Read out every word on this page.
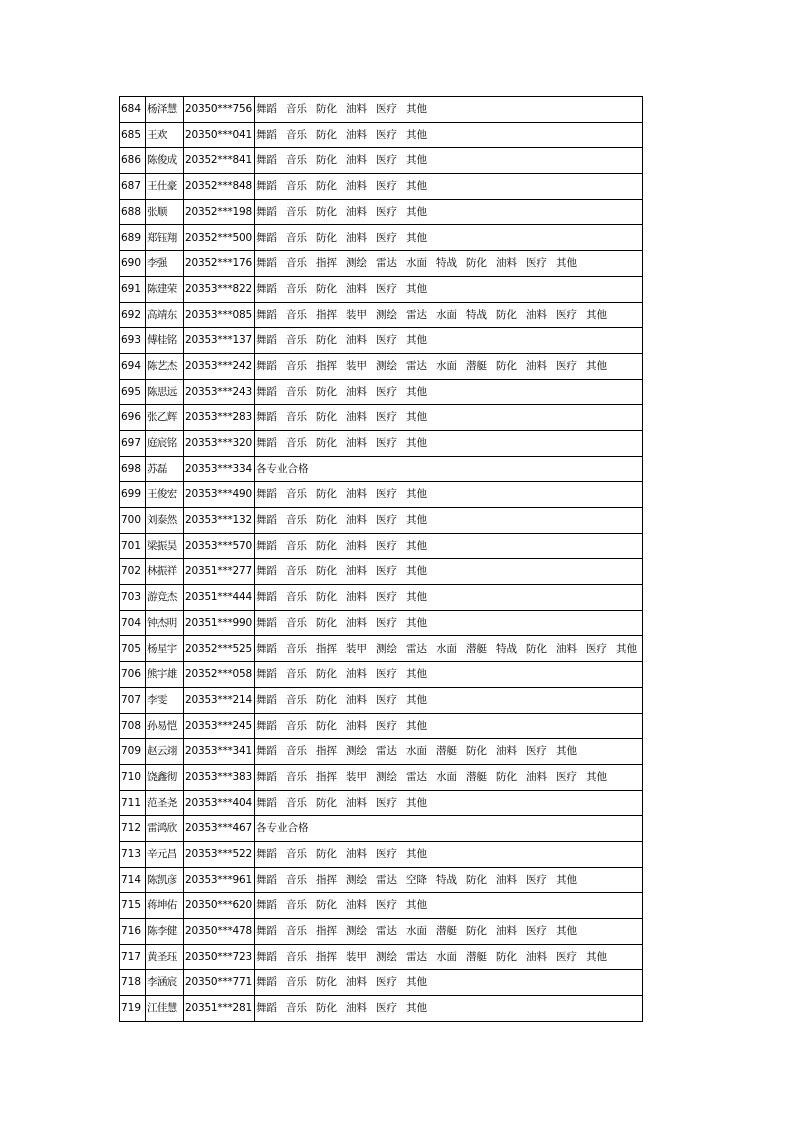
684	杨泽慧	20350***756	舞蹈 音乐 防化 油料 医疗 其他
685	王欢	20350***041	舞蹈 音乐 防化 油料 医疗 其他
686	陈俊成	20352***841	舞蹈 音乐 防化 油料 医疗 其他
687	王仕豪	20352***848	舞蹈 音乐 防化 油料 医疗 其他
688	张顺	20352***198	舞蹈 音乐 防化 油料 医疗 其他
689	郑钰翔	20352***500	舞蹈 音乐 防化 油料 医疗 其他
690	李强	20352***176	舞蹈 音乐 指挥 测绘 雷达 水面 特战 防化 油料 医疗 其他
691	陈建荣	20353***822	舞蹈 音乐 防化 油料 医疗 其他
692	高靖东	20353***085	舞蹈 音乐 指挥 装甲 测绘 雷达 水面 特战 防化 油料 医疗 其他
693	傅桂铭	20353***137	舞蹈 音乐 防化 油料 医疗 其他
694	陈艺杰	20353***242	舞蹈 音乐 指挥 装甲 测绘 雷达 水面 潜艇 防化 油料 医疗 其他
695	陈思远	20353***243	舞蹈 音乐 防化 油料 医疗 其他
696	张乙辉	20353***283	舞蹈 音乐 防化 油料 医疗 其他
697	庭宸铭	20353***320	舞蹈 音乐 防化 油料 医疗 其他
698	苏磊	20353***334	各专业合格
699	王俊宏	20353***490	舞蹈 音乐 防化 油料 医疗 其他
700	刘泰然	20353***132	舞蹈 音乐 防化 油料 医疗 其他
701	梁振昊	20353***570	舞蹈 音乐 防化 油料 医疗 其他
702	林振祥	20351***277	舞蹈 音乐 防化 油料 医疗 其他
703	游竞杰	20351***444	舞蹈 音乐 防化 油料 医疗 其他
704	钟杰明	20351***990	舞蹈 音乐 防化 油料 医疗 其他
705	杨星宇	20352***525	舞蹈 音乐 指挥 装甲 测绘 雷达 水面 潜艇 特战 防化 油料 医疗 其他
706	熊宇雄	20352***058	舞蹈 音乐 防化 油料 医疗 其他
707	李雯	20353***214	舞蹈 音乐 防化 油料 医疗 其他
708	孙易恺	20353***245	舞蹈 音乐 防化 油料 医疗 其他
709	赵云翊	20353***341	舞蹈 音乐 指挥 测绘 雷达 水面 潜艇 防化 油料 医疗 其他
710	饶鑫彻	20353***383	舞蹈 音乐 指挥 装甲 测绘 雷达 水面 潜艇 防化 油料 医疗 其他
711	范圣尧	20353***404	舞蹈 音乐 防化 油料 医疗 其他
712	雷鸿欣	20353***467	各专业合格
713	辛元昌	20353***522	舞蹈 音乐 防化 油料 医疗 其他
714	陈凯彦	20353***961	舞蹈 音乐 指挥 测绘 雷达 空降 特战 防化 油料 医疗 其他
715	蒋坤佑	20350***620	舞蹈 音乐 防化 油料 医疗 其他
716	陈李健	20350***478	舞蹈 音乐 指挥 测绘 雷达 水面 潜艇 防化 油料 医疗 其他
717	黄圣珏	20350***723	舞蹈 音乐 指挥 装甲 测绘 雷达 水面 潜艇 防化 油料 医疗 其他
718	李涵宸	20350***771	舞蹈 音乐 防化 油料 医疗 其他
719	江佳慧	20351***281	舞蹈 音乐 防化 油料 医疗 其他
